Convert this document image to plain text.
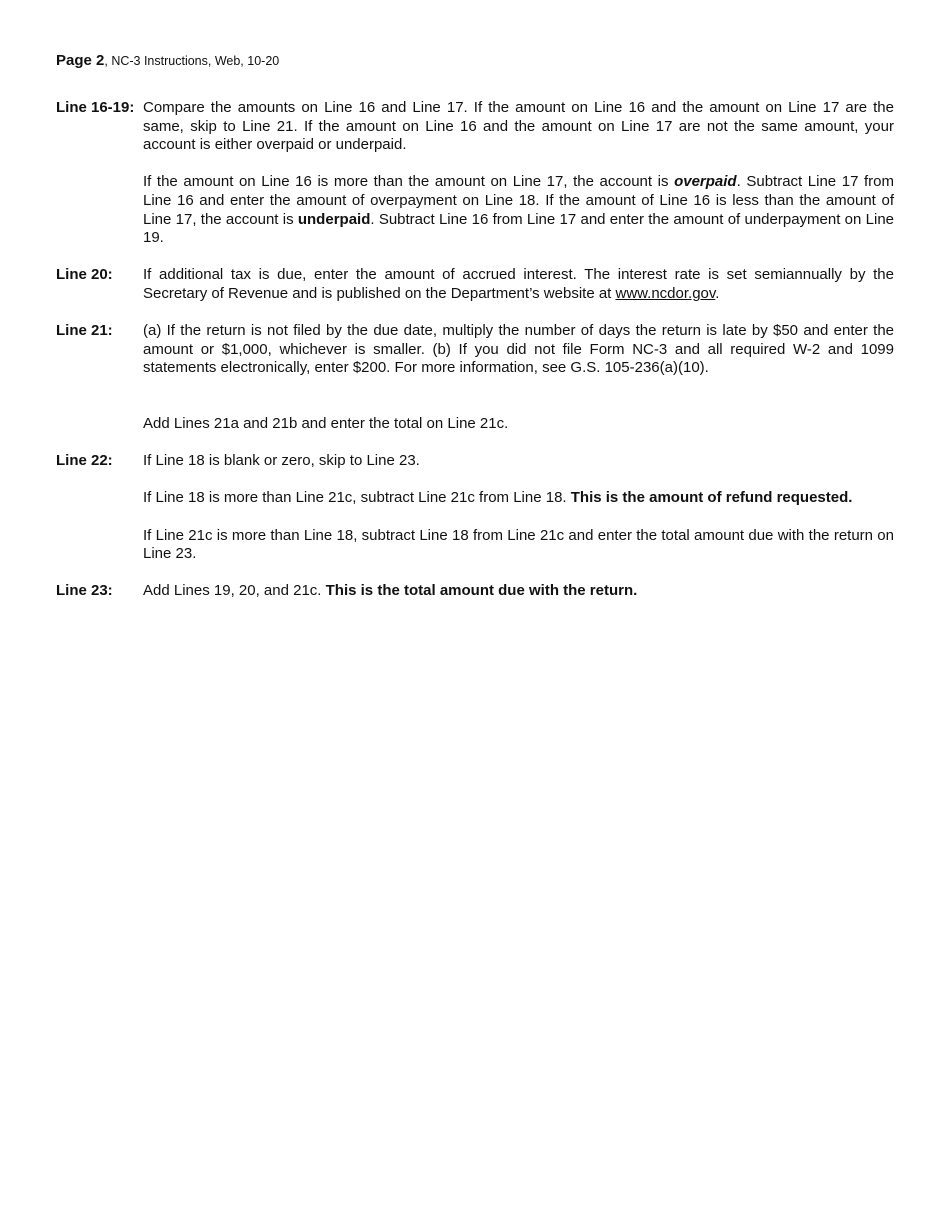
Page 2, NC-3 Instructions, Web, 10-20
Line 16-19: Compare the amounts on Line 16 and Line 17. If the amount on Line 16 and the amount on Line 17 are the same, skip to Line 21. If the amount on Line 16 and the amount on Line 17 are not the same amount, your account is either overpaid or underpaid.

If the amount on Line 16 is more than the amount on Line 17, the account is overpaid. Subtract Line 17 from Line 16 and enter the amount of overpayment on Line 18. If the amount of Line 16 is less than the amount of Line 17, the account is underpaid. Subtract Line 16 from Line 17 and enter the amount of underpayment on Line 19.
Line 20:	If additional tax is due, enter the amount of accrued interest. The interest rate is set semiannually by the Secretary of Revenue and is published on the Department’s website at www.ncdor.gov.
Line 21:	(a) If the return is not filed by the due date, multiply the number of days the return is late by $50 and enter the amount or $1,000, whichever is smaller. (b) If you did not file Form NC-3 and all required W-2 and 1099 statements electronically, enter $200. For more information, see G.S. 105-236(a)(10).

Add Lines 21a and 21b and enter the total on Line 21c.
Line 22:	If Line 18 is blank or zero, skip to Line 23.

If Line 18 is more than Line 21c, subtract Line 21c from Line 18. This is the amount of refund requested.
If Line 21c is more than Line 18, subtract Line 18 from Line 21c and enter the total amount due with the return on Line 23.
Line 23:	Add Lines 19, 20, and 21c. This is the total amount due with the return.
